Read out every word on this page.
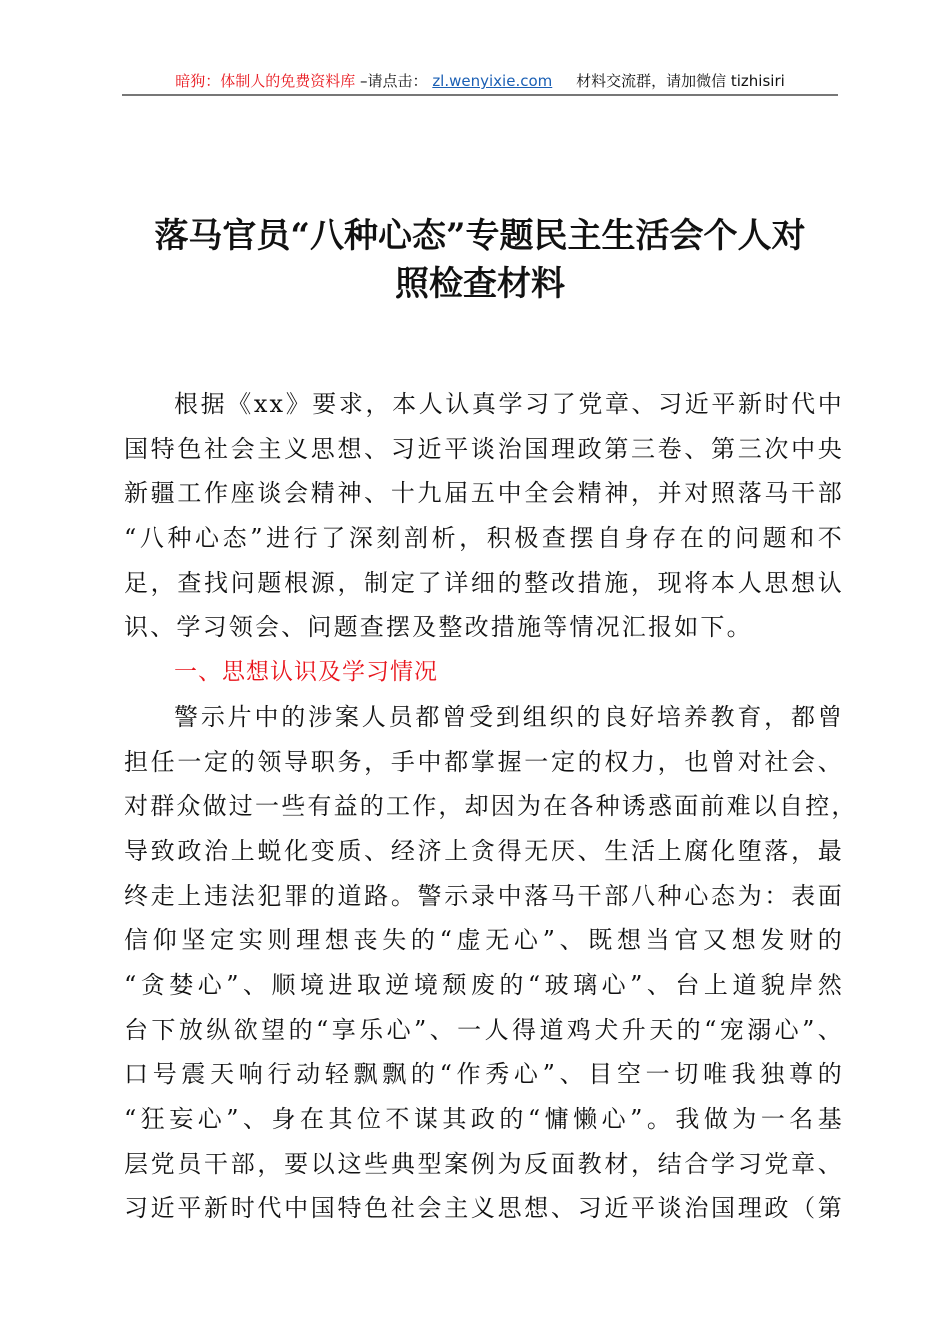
暗狗：体制人的免费资料库 –请点击： zl.wenyixie.com 材料交流群，请加微信 tizhisiri
落马官员“八种心态”专题民主生活会个人对
照检查材料
根据《xx》要求，本人认真学习了党章、习近平新时代中
国特色社会主义思想、习近平谈治国理政第三卷、第三次中央
新疆工作座谈会精神、十九届五中全会精神，并对照落马干部
“八种心态”进行了深刻剖析，积极查摆自身存在的问题和不
足，查找问题根源，制定了详细的整改措施，现将本人思想认
识、学习领会、问题查摆及整改措施等情况汇报如下。
一、思想认识及学习情况
警示片中的涉案人员都曾受到组织的良好培养教育，都曾
担任一定的领导职务，手中都掌握一定的权力，也曾对社会、
对群众做过一些有益的工作，却因为在各种诱惑面前难以自控，
导致政治上蜕化变质、经济上贪得无厌、生活上腐化堕落，最
终走上违法犯罪的道路。警示录中落马干部八种心态为：表面
信仰坚定实则理想丧失的“虚无心”、既想当官又想发财的
“贪婪心”、顺境进取逆境颓废的“玻璃心”、台上道貌岸然
台下放纵欲望的“享乐心”、一人得道鸡犬升天的“宠溺心”、
口号震天响行动轻飘飘的“作秀心”、目空一切唯我独尊的
“狂妄心”、身在其位不谋其政的“慵懒心”。我做为一名基
层党员干部，要以这些典型案例为反面教材，结合学习党章、
习近平新时代中国特色社会主义思想、习近平谈治国理政（第
